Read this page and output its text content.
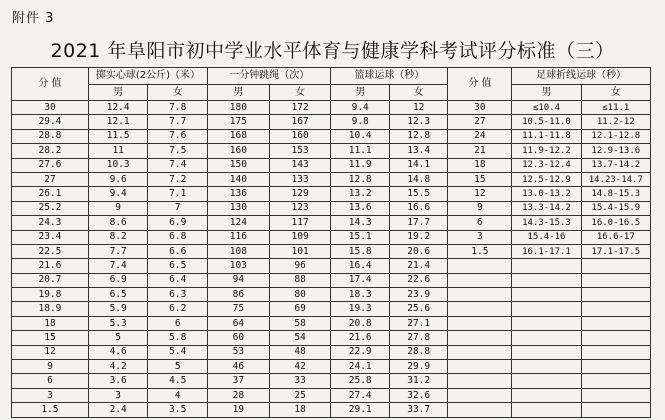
附件 3
2021 年阜阳市初中学业水平体育与健康学科考试评分标准（三）
分 值	掷实心球(2公斤)（米）		一分钟跳绳（次）		篮球运球（秒）		分 值	足球折线运球（秒）	
	男	女	男	女	男	女		男	女
30	12.4	7.8	180	172	9.4	12	30	≤10.4	≤11.1
29.4	12.1	7.7	175	167	9.8	12.3	27	10.5-11.0	11.2-12
28.8	11.5	7.6	168	160	10.4	12.8	24	11.1-11.8	12.1-12.8
28.2	11	7.5	160	153	11.1	13.4	21	11.9-12.2	12.9-13.6
27.6	10.3	7.4	150	143	11.9	14.1	18	12.3-12.4	13.7-14.2
27	9.6	7.2	140	133	12.8	14.8	15	12.5-12.9	14.23-14.7
26.1	9.4	7.1	136	129	13.2	15.5	12	13.0-13.2	14.8-15.3
25.2	9	7	130	123	13.6	16.6	9	13.3-14.2	15.4-15.9
24.3	8.6	6.9	124	117	14.3	17.7	6	14.3-15.3	16.0-16.5
23.4	8.2	6.8	116	109	15.1	19.2	3	15.4-16	16.6-17
22.5	7.7	6.6	108	101	15.8	20.6	1.5	16.1-17.1	17.1-17.5
21.6	7.4	6.5	103	96	16.4	21.4			
20.7	6.9	6.4	94	88	17.4	22.6			
19.8	6.5	6.3	86	80	18.3	23.9			
18.9	5.9	6.2	75	69	19.3	25.6			
18	5.3	6	64	58	20.8	27.1			
15	5	5.8	60	54	21.6	27.8			
12	4.6	5.4	53	48	22.9	28.8			
9	4.2	5	46	42	24.1	29.9			
6	3.6	4.5	37	33	25.8	31.2			
3	3	4	28	25	27.4	32.6			
1.5	2.4	3.5	19	18	29.1	33.7			
